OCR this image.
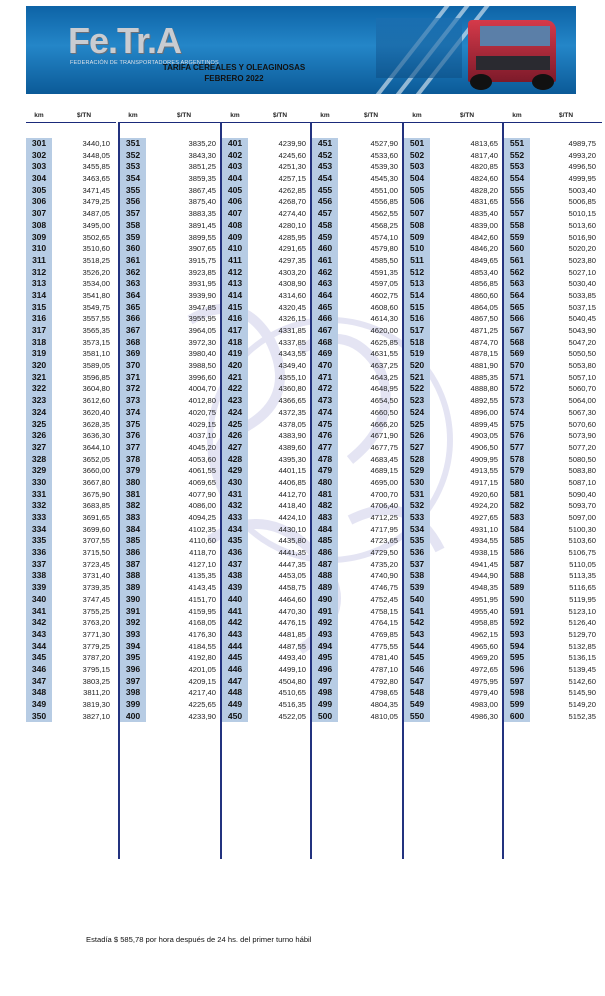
Fe.Tr.A
FEDERACIÓN DE TRANSPORTADORES ARGENTINOS
TARIFA CEREALES Y OLEAGINOSAS
FEBRERO 2022
km
301
302
303
304
305
306
307
308
309
310
311
312
313
314
315
316
317
318
319
320
321
322
323
324
325
326
327
328
329
330
331
332
333
334
335
336
337
338
339
340
341
342
343
344
345
346
347
348
349
350
$/TN
3440,10
3448,05
3455,85
3463,65
3471,45
3479,25
3487,05
3495,00
3502,65
3510,60
3518,25
3526,20
3534,00
3541,80
3549,75
3557,55
3565,35
3573,15
3581,10
3589,05
3596,85
3604,80
3612,60
3620,40
3628,35
3636,30
3644,10
3652,05
3660,00
3667,80
3675,90
3683,85
3691,65
3699,60
3707,55
3715,50
3723,45
3731,40
3739,35
3747,45
3755,25
3763,20
3771,30
3779,25
3787,20
3795,15
3803,25
3811,20
3819,30
3827,10
km
351
352
353
354
355
356
357
358
359
360
361
362
363
364
365
366
367
368
369
370
371
372
373
374
375
376
377
378
379
380
381
382
383
384
385
386
387
388
389
390
391
392
393
394
395
396
397
398
399
400
$/TN
3835,20
3843,30
3851,25
3859,35
3867,45
3875,40
3883,35
3891,45
3899,55
3907,65
3915,75
3923,85
3931,95
3939,90
3947,85
3955,95
3964,05
3972,30
3980,40
3988,50
3996,60
4004,70
4012,80
4020,75
4029,15
4037,10
4045,20
4053,60
4061,55
4069,65
4077,90
4086,00
4094,25
4102,35
4110,60
4118,70
4127,10
4135,35
4143,45
4151,70
4159,95
4168,05
4176,30
4184,55
4192,80
4201,05
4209,15
4217,40
4225,65
4233,90
km
401
402
403
404
405
406
407
408
409
410
411
412
413
414
415
416
417
418
419
420
421
422
423
424
425
426
427
428
429
430
431
432
433
434
435
436
437
438
439
440
441
442
443
444
445
446
447
448
449
450
$/TN
4239,90
4245,60
4251,30
4257,15
4262,85
4268,70
4274,40
4280,10
4285,95
4291,65
4297,35
4303,20
4308,90
4314,60
4320,45
4326,15
4331,85
4337,85
4343,55
4349,40
4355,10
4360,80
4366,65
4372,35
4378,05
4383,90
4389,60
4395,30
4401,15
4406,85
4412,70
4418,40
4424,10
4430,10
4435,80
4441,35
4447,35
4453,05
4458,75
4464,60
4470,30
4476,15
4481,85
4487,55
4493,40
4499,10
4504,80
4510,65
4516,35
4522,05
km
451
452
453
454
455
456
457
458
459
460
461
462
463
464
465
466
467
468
469
470
471
472
473
474
475
476
477
478
479
480
481
482
483
484
485
486
487
488
489
490
491
492
493
494
495
496
497
498
499
500
$/TN
4527,90
4533,60
4539,30
4545,30
4551,00
4556,85
4562,55
4568,25
4574,10
4579,80
4585,50
4591,35
4597,05
4602,75
4608,60
4614,30
4620,00
4625,85
4631,55
4637,25
4643,25
4648,95
4654,50
4660,50
4666,20
4671,90
4677,75
4683,45
4689,15
4695,00
4700,70
4706,40
4712,25
4717,95
4723,65
4729,50
4735,20
4740,90
4746,75
4752,45
4758,15
4764,15
4769,85
4775,55
4781,40
4787,10
4792,80
4798,65
4804,35
4810,05
km
501
502
503
504
505
506
507
508
509
510
511
512
513
514
515
516
517
518
519
520
521
522
523
524
525
526
527
528
529
530
531
532
533
534
535
536
537
538
539
540
541
542
543
544
545
546
547
548
549
550
$/TN
4813,65
4817,40
4820,85
4824,60
4828,20
4831,65
4835,40
4839,00
4842,60
4846,20
4849,65
4853,40
4856,85
4860,60
4864,05
4867,50
4871,25
4874,70
4878,15
4881,90
4885,35
4888,80
4892,55
4896,00
4899,45
4903,05
4906,50
4909,95
4913,55
4917,15
4920,60
4924,20
4927,65
4931,10
4934,55
4938,15
4941,45
4944,90
4948,35
4951,95
4955,40
4958,85
4962,15
4965,60
4969,20
4972,65
4975,95
4979,40
4983,00
4986,30
km
551
552
553
554
555
556
557
558
559
560
561
562
563
564
565
566
567
568
569
570
571
572
573
574
575
576
577
578
579
580
581
582
583
584
585
586
587
588
589
590
591
592
593
594
595
596
597
598
599
600
$/TN
4989,75
4993,20
4996,50
4999,95
5003,40
5006,85
5010,15
5013,60
5016,90
5020,20
5023,80
5027,10
5030,40
5033,85
5037,15
5040,45
5043,90
5047,20
5050,50
5053,80
5057,10
5060,70
5064,00
5067,30
5070,60
5073,90
5077,20
5080,50
5083,80
5087,10
5090,40
5093,70
5097,00
5100,30
5103,60
5106,75
5110,05
5113,35
5116,65
5119,95
5123,10
5126,40
5129,70
5132,85
5136,15
5139,45
5142,60
5145,90
5149,20
5152,35
Estadía $ 585,78 por hora después de 24 hs. del primer turno hábil
